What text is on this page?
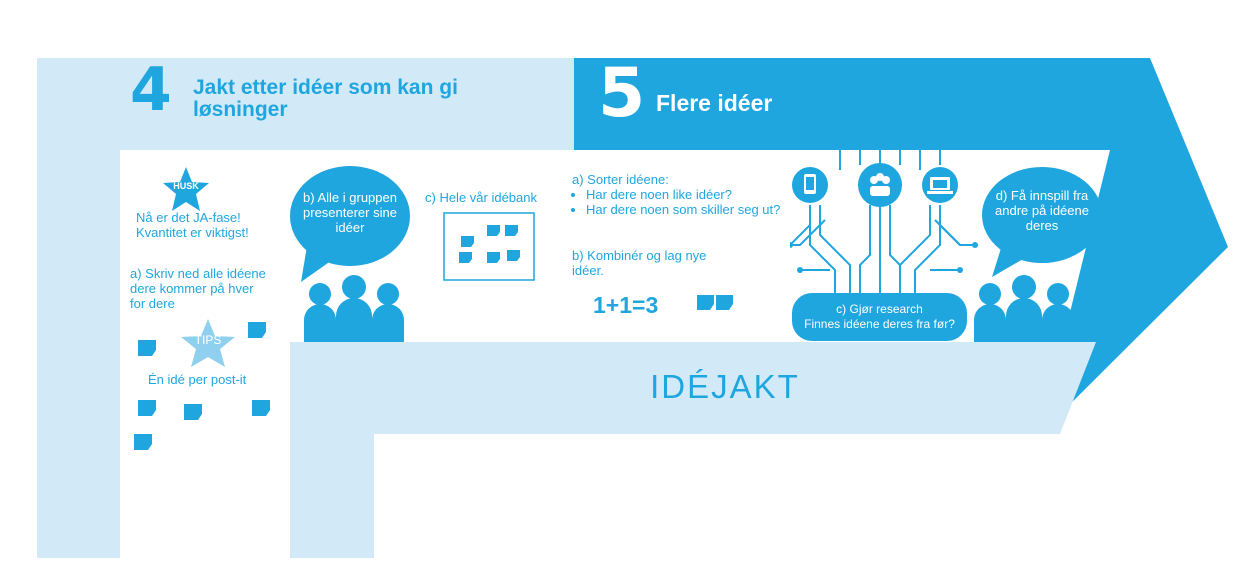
4 Jakt etter idéer som kan gi
løsninger	5 Flere idéer
IDÉJAKT
HUSK
Nå er det JA-fase!
Kvantitet er viktigst!
a) Skriv ned alle idéene
dere kommer på hver
for dere
TIPS
Én idé per post-it
b) Alle i gruppen
presenterer sine
idéer
c) Hele vår idébank
a) Sorter idéene:
• Har dere noen like idéer?
• Har dere noen som skiller seg ut?
b) Kombinér og lag nye
idéer.
1+1=3	c) Gjør research
Finnes idéene deres fra før?
d) Få innspill fra
andre på idéene
deres
